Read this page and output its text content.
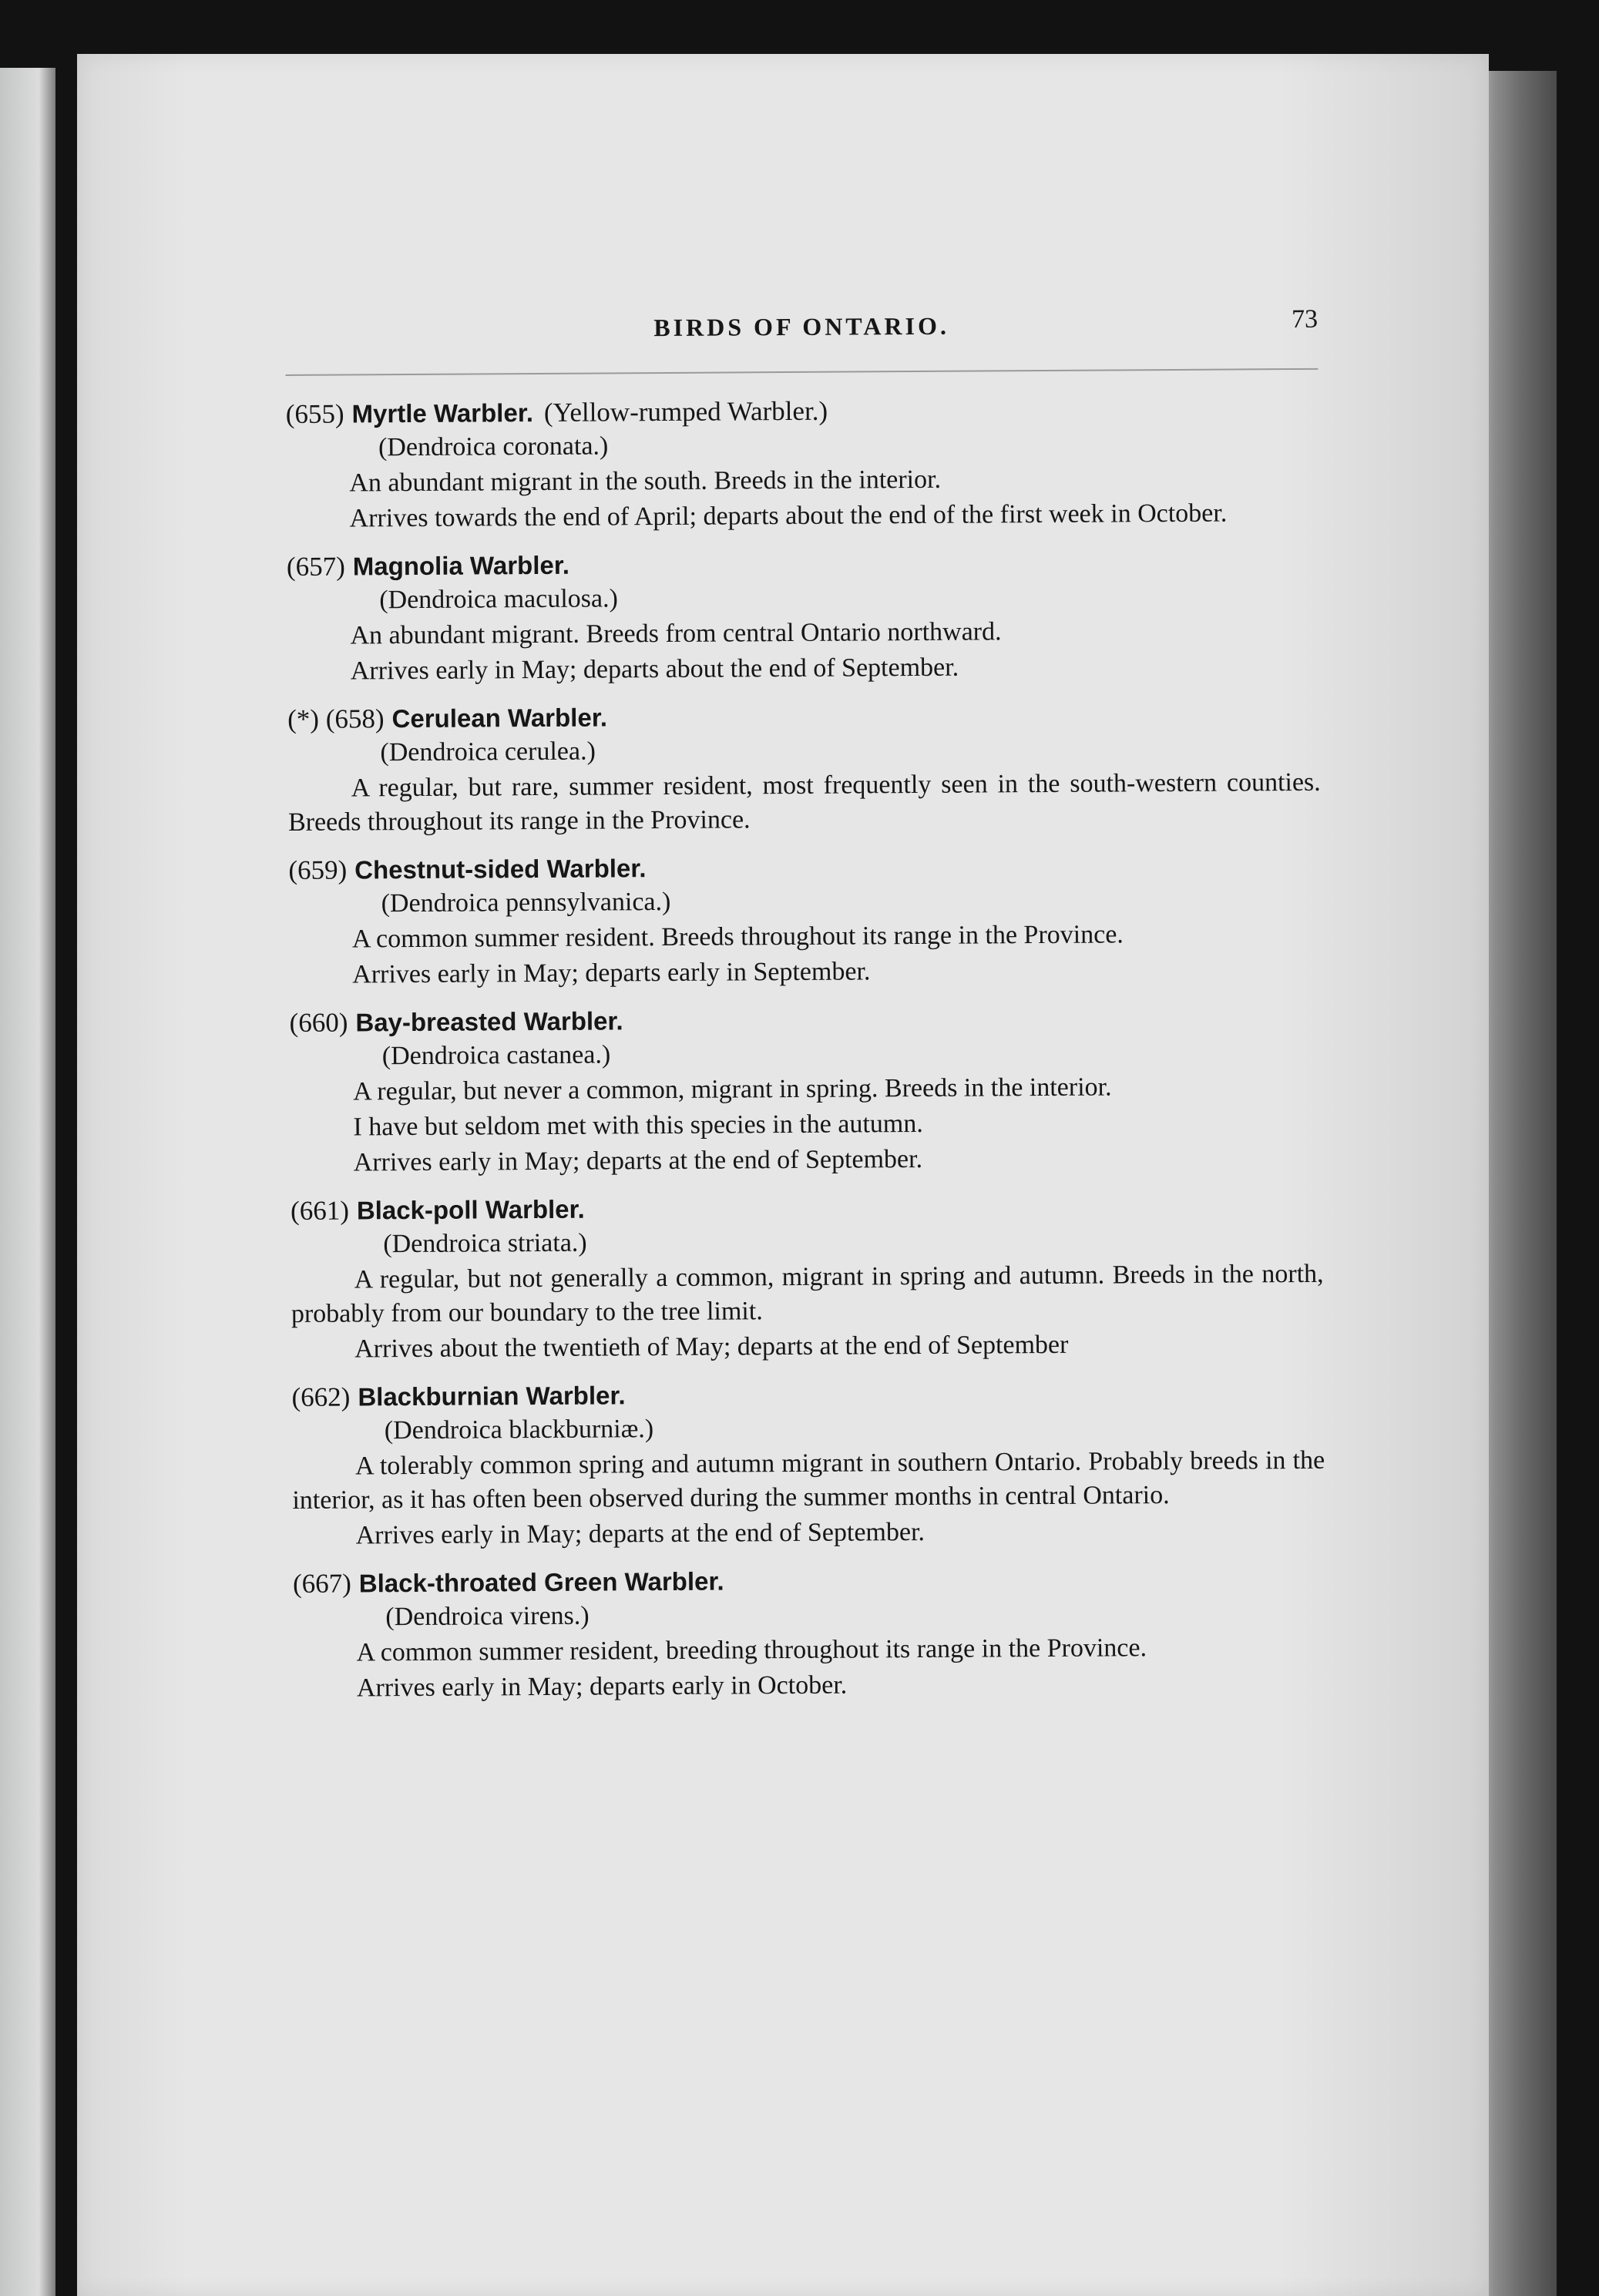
BIRDS OF ONTARIO.	73
(655) Myrtle Warbler. (Yellow-rumped Warbler.)
(Dendroica coronata.)
An abundant migrant in the south. Breeds in the interior.
Arrives towards the end of April; departs about the end of the first week in October.
(657) Magnolia Warbler.
(Dendroica maculosa.)
An abundant migrant. Breeds from central Ontario northward.
Arrives early in May; departs about the end of September.
(*) (658) Cerulean Warbler.
(Dendroica cerulea.)
A regular, but rare, summer resident, most frequently seen in the south-western counties. Breeds throughout its range in the Province.
(659) Chestnut-sided Warbler.
(Dendroica pennsylvanica.)
A common summer resident. Breeds throughout its range in the Province.
Arrives early in May; departs early in September.
(660) Bay-breasted Warbler.
(Dendroica castanea.)
A regular, but never a common, migrant in spring. Breeds in the interior.
I have but seldom met with this species in the autumn.
Arrives early in May; departs at the end of September.
(661) Black-poll Warbler.
(Dendroica striata.)
A regular, but not generally a common, migrant in spring and autumn. Breeds in the north, probably from our boundary to the tree limit.
Arrives about the twentieth of May; departs at the end of September
(662) Blackburnian Warbler.
(Dendroica blackburniæ.)
A tolerably common spring and autumn migrant in southern Ontario. Probably breeds in the interior, as it has often been observed during the summer months in central Ontario.
Arrives early in May; departs at the end of September.
(667) Black-throated Green Warbler.
(Dendroica virens.)
A common summer resident, breeding throughout its range in the Province.
Arrives early in May; departs early in October.
